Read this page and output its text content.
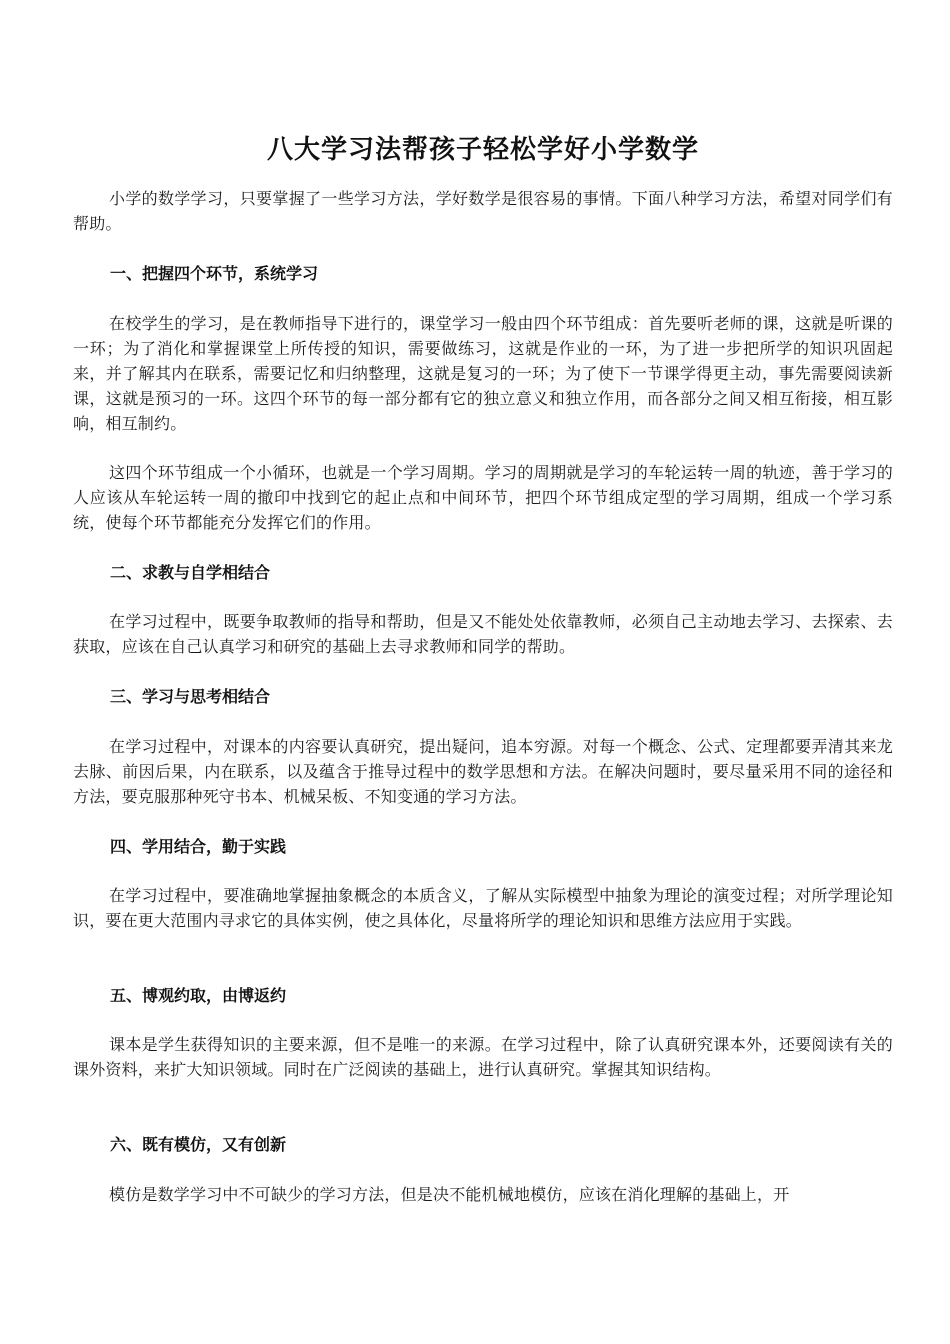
八大学习法帮孩子轻松学好小学数学

小学的数学学习，只要掌握了一些学习方法，学好数学是很容易的事情。下面八种学习方法，希望对同学们有帮助。

一、把握四个环节，系统学习

在校学生的学习，是在教师指导下进行的，课堂学习一般由四个环节组成：首先要听老师的课，这就是听课的一环；为了消化和掌握课堂上所传授的知识，需要做练习，这就是作业的一环，为了进一步把所学的知识巩固起来，并了解其内在联系，需要记忆和归纳整理，这就是复习的一环；为了使下一节课学得更主动，事先需要阅读新课，这就是预习的一环。这四个环节的每一部分都有它的独立意义和独立作用，而各部分之间又相互衔接，相互影响，相互制约。

这四个环节组成一个小循环，也就是一个学习周期。学习的周期就是学习的车轮运转一周的轨迹，善于学习的人应该从车轮运转一周的撤印中找到它的起止点和中间环节，把四个环节组成定型的学习周期，组成一个学习系统，使每个环节都能充分发挥它们的作用。

二、求教与自学相结合

在学习过程中，既要争取教师的指导和帮助，但是又不能处处依靠教师，必须自己主动地去学习、去探索、去获取，应该在自己认真学习和研究的基础上去寻求教师和同学的帮助。

三、学习与思考相结合

在学习过程中，对课本的内容要认真研究，提出疑问，追本穷源。对每一个概念、公式、定理都要弄清其来龙去脉、前因后果，内在联系，以及蕴含于推导过程中的数学思想和方法。在解决问题时，要尽量采用不同的途径和方法，要克服那种死守书本、机械呆板、不知变通的学习方法。

四、学用结合，勤于实践

在学习过程中，要准确地掌握抽象概念的本质含义，了解从实际模型中抽象为理论的演变过程；对所学理论知识，要在更大范围内寻求它的具体实例，使之具体化，尽量将所学的理论知识和思维方法应用于实践。

五、博观约取，由博返约

课本是学生获得知识的主要来源，但不是唯一的来源。在学习过程中，除了认真研究课本外，还要阅读有关的课外资料，来扩大知识领域。同时在广泛阅读的基础上，进行认真研究。掌握其知识结构。

六、既有模仿，又有创新

模仿是数学学习中不可缺少的学习方法，但是决不能机械地模仿，应该在消化理解的基础上，开
